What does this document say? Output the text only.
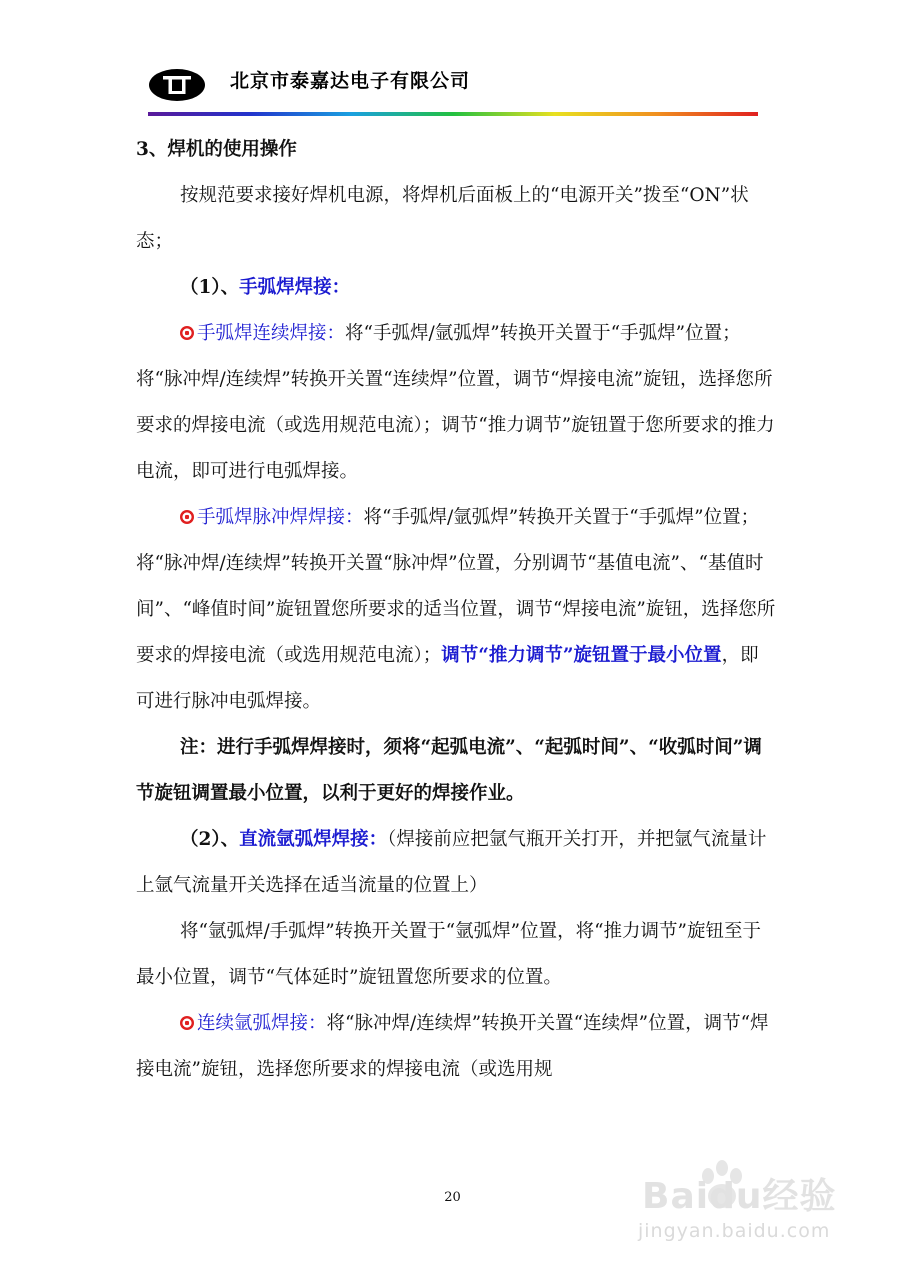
北京市泰嘉达电子有限公司

3、焊机的使用操作

按规范要求接好焊机电源，将焊机后面板上的“电源开关”拨至“ON”状态；

（1）、手弧焊焊接：

手弧焊连续焊接：将“手弧焊/氩弧焊”转换开关置于“手弧焊”位置；将“脉冲焊/连续焊”转换开关置“连续焊”位置，调节“焊接电流”旋钮，选择您所要求的焊接电流（或选用规范电流）；调节“推力调节”旋钮置于您所要求的推力电流，即可进行电弧焊接。

手弧焊脉冲焊焊接：将“手弧焊/氩弧焊”转换开关置于“手弧焊”位置；将“脉冲焊/连续焊”转换开关置“脉冲焊”位置，分别调节“基值电流”、“基值时间”、“峰值时间”旋钮置您所要求的适当位置，调节“焊接电流”旋钮，选择您所要求的焊接电流（或选用规范电流）；调节“推力调节”旋钮置于最小位置，即可进行脉冲电弧焊接。

注：进行手弧焊焊接时，须将“起弧电流”、“起弧时间”、“收弧时间”调节旋钮调置最小位置，以利于更好的焊接作业。

（2）、直流氩弧焊焊接：（焊接前应把氩气瓶开关打开，并把氩气流量计上氩气流量开关选择在适当流量的位置上）

将“氩弧焊/手弧焊”转换开关置于“氩弧焊”位置，将“推力调节”旋钮至于最小位置，调节“气体延时”旋钮置您所要求的位置。

连续氩弧焊接：将“脉冲焊/连续焊”转换开关置“连续焊”位置，调节“焊接电流”旋钮，选择您所要求的焊接电流（或选用规

20	Baidu经验
jingyan.baidu.com
